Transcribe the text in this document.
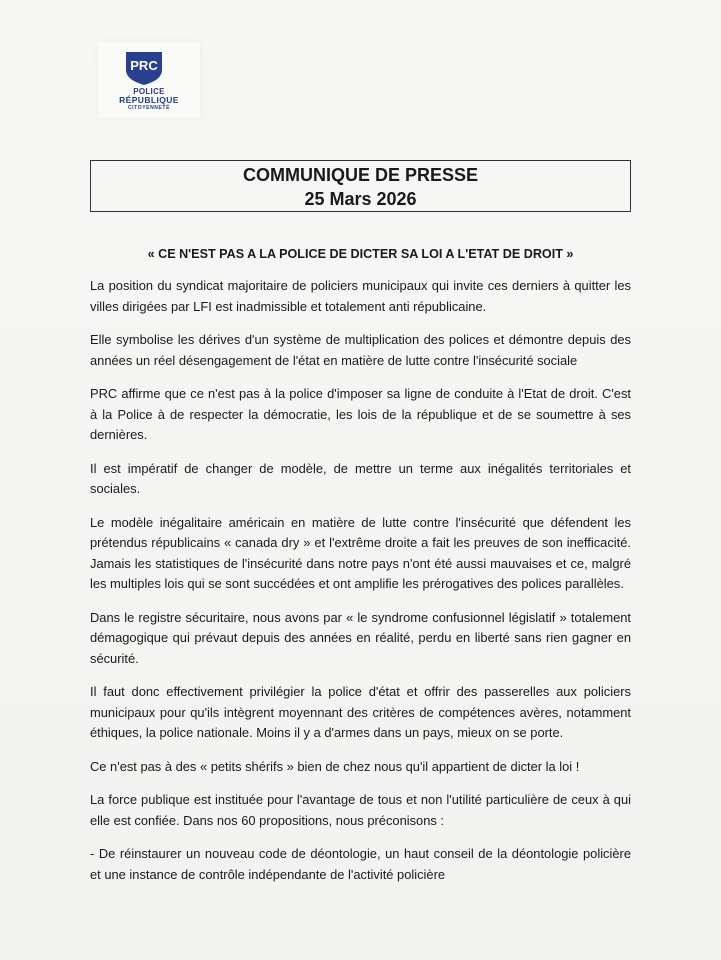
PRC
POLICE
RÉPUBLIQUE
CITOYENNETÉ
COMMUNIQUE DE PRESSE
25 Mars 2026
« CE N'EST PAS A LA POLICE DE DICTER SA LOI A L'ETAT DE DROIT »

La position du syndicat majoritaire de policiers municipaux qui invite ces derniers à quitter les villes dirigées par LFI est inadmissible et totalement anti républicaine.

Elle symbolise les dérives d'un système de multiplication des polices et démontre depuis des années un réel désengagement de l'état en matière de lutte contre l'insécurité sociale

PRC affirme que ce n'est pas à la police d'imposer sa ligne de conduite à l'Etat de droit. C'est à la Police à de respecter la démocratie, les lois de la république et de se soumettre à ses dernières.

Il est impératif de changer de modèle, de mettre un terme aux inégalités territoriales et sociales.

Le modèle inégalitaire américain en matière de lutte contre l'insécurité que défendent les prétendus républicains « canada dry » et l'extrême droite a fait les preuves de son inefficacité. Jamais les statistiques de l'insécurité dans notre pays n'ont été aussi mauvaises et ce, malgré les multiples lois qui se sont succédées et ont amplifie les prérogatives des polices parallèles.

Dans le registre sécuritaire, nous avons par « le syndrome confusionnel législatif » totalement démagogique qui prévaut depuis des années en réalité, perdu en liberté sans rien gagner en sécurité.

Il faut donc effectivement privilégier la police d'état et offrir des passerelles aux policiers municipaux pour qu'ils intègrent moyennant des critères de compétences avères, notamment éthiques, la police nationale. Moins il y a d'armes dans un pays, mieux on se porte.

Ce n'est pas à des « petits shérifs » bien de chez nous qu'il appartient de dicter la loi !

La force publique est instituée pour l'avantage de tous et non l'utilité particulière de ceux à qui elle est confiée. Dans nos 60 propositions, nous préconisons :

- De réinstaurer un nouveau code de déontologie, un haut conseil de la déontologie policière et une instance de contrôle indépendante de l'activité policière
